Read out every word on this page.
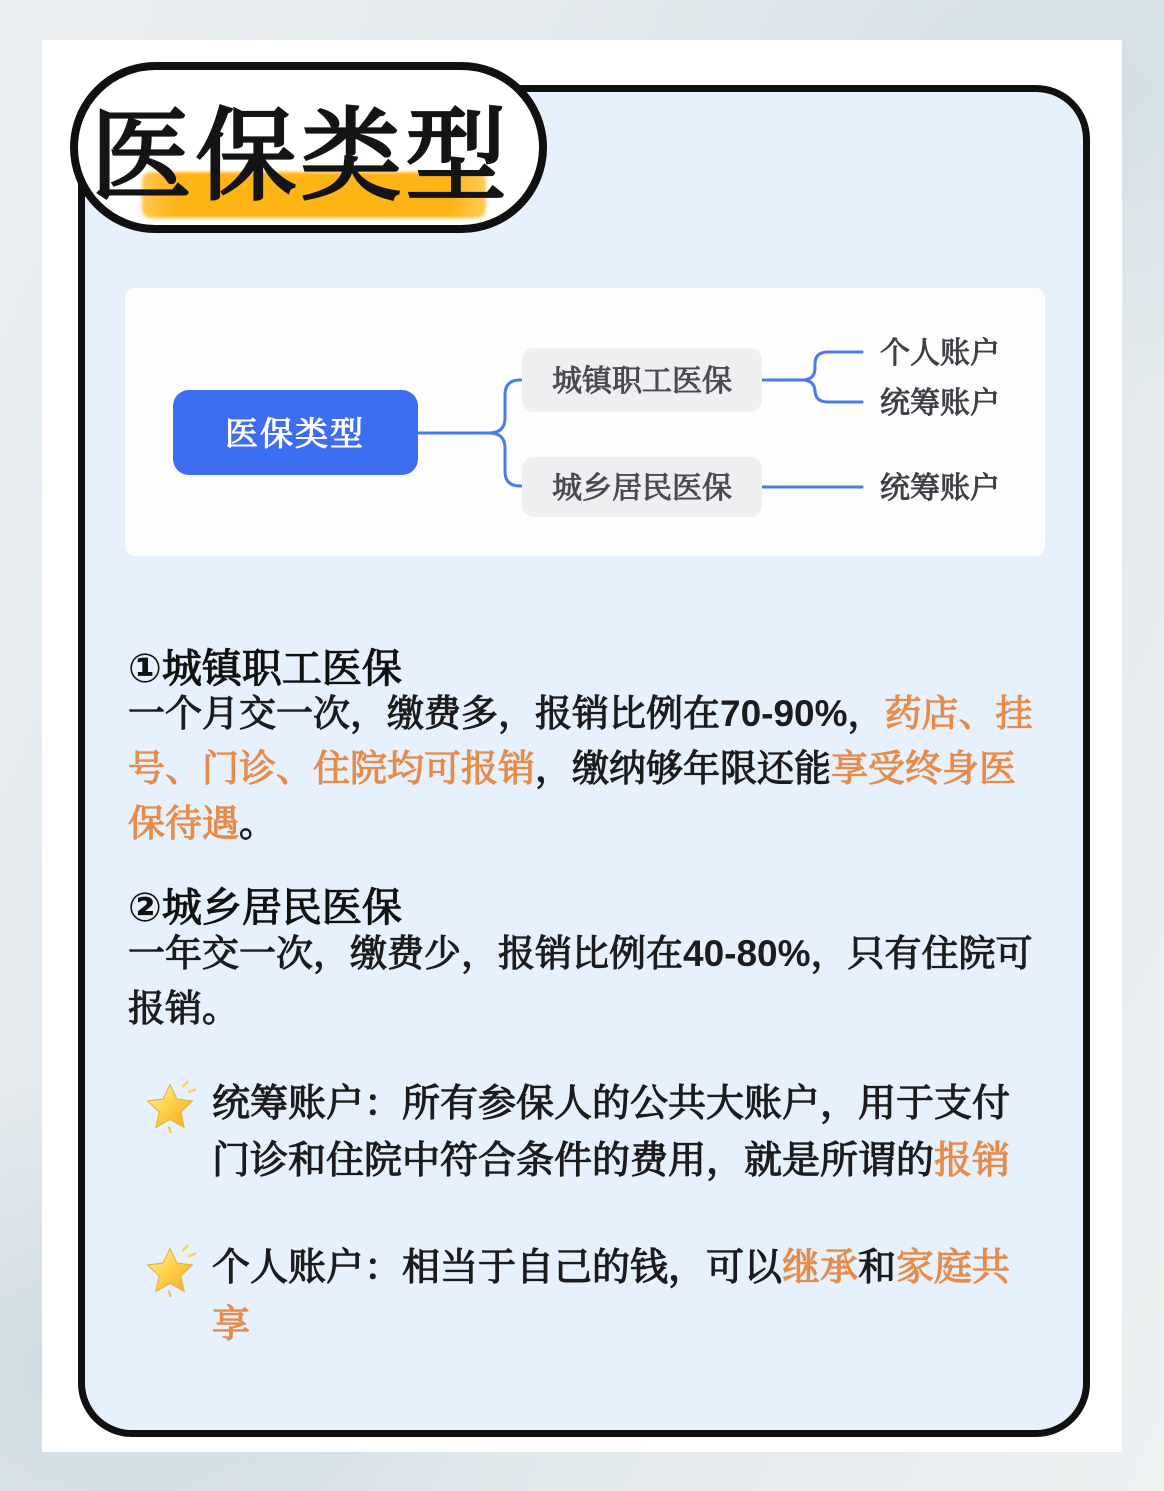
医保类型
城镇职工医保
城乡居民医保
个人账户
统筹账户
统筹账户
医保类型
①城镇职工医保
一个月交一次，缴费多，报销比例在70-90%，药店、挂号、门诊、住院均可报销，缴纳够年限还能享受终身医保待遇。
②城乡居民医保
一年交一次，缴费少，报销比例在40-80%，只有住院可报销。
统筹账户：所有参保人的公共大账户，用于支付门诊和住院中符合条件的费用，就是所谓的报销
个人账户：相当于自己的钱，可以继承和家庭共享
